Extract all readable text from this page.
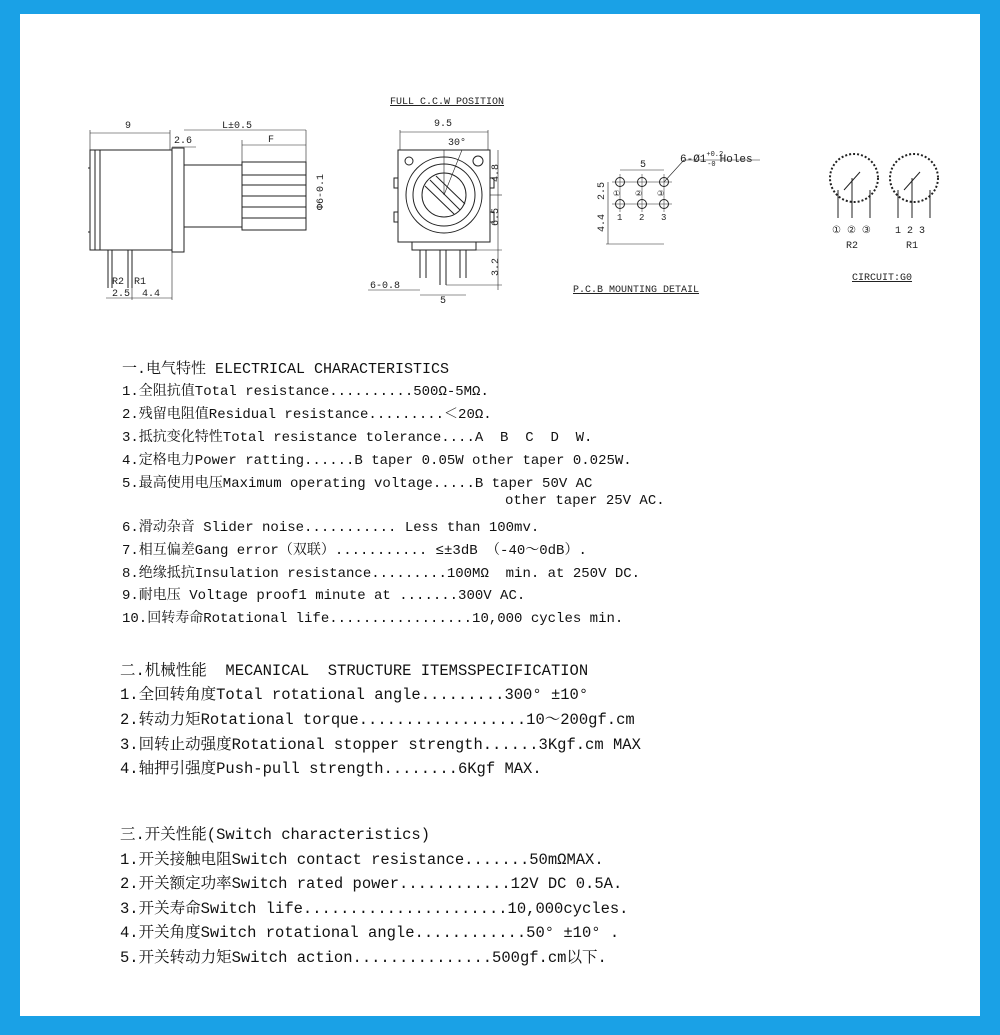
9
2.6
L±0.5
F
Φ6-0.1
R2 R1
2.5 4.4
FULL C.C.W POSITION
9.5
30°
4.8
6.5
3.2
6-0.8
5
5	$6-Ø1^{+0.2}$ -0 Holes
2.5
4.4
① ② ③
1 2 3
P.C.B MOUNTING DETAIL
① ② ③
R2
1 2 3
R1
CIRCUIT:G0
一.电气特性 ELECTRICAL CHARACTERISTICS
1.全阻抗值Total resistance..........500Ω-5MΩ.
2.残留电阻值Residual resistance.........＜20Ω.
3.抵抗变化特性Total resistance tolerance....A  B  C  D  W.
4.定格电力Power ratting......B taper 0.05W other taper 0.025W.
5.最高使用电压Maximum operating voltage.....B taper 50V AC
other taper 25V AC.
6.滑动杂音 Slider noise........... Less than 100mv.
7.相互偏差Gang error（双联）........... ≤±3dB （-40～0dB）.
8.绝缘抵抗Insulation resistance.........100MΩ  min. at 250V DC.
9.耐电压 Voltage proof1 minute at .......300V AC.
10.回转寿命Rotational life.................10,000 cycles min.
二.机械性能  MECANICAL  STRUCTURE ITEMSSPECIFICATION
1.全回转角度Total rotational angle.........300° ±10°
2.转动力矩Rotational torque..................10～200gf.cm
3.回转止动强度Rotational stopper strength......3Kgf.cm MAX
4.轴押引强度Push-pull strength........6Kgf MAX.
三.开关性能(Switch characteristics)
1.开关接触电阻Switch contact resistance.......50mΩMAX.
2.开关额定功率Switch rated power............12V DC 0.5A.
3.开关寿命Switch life......................10,000cycles.
4.开关角度Switch rotational angle............50° ±10° .
5.开关转动力矩Switch action...............500gf.cm以下.
